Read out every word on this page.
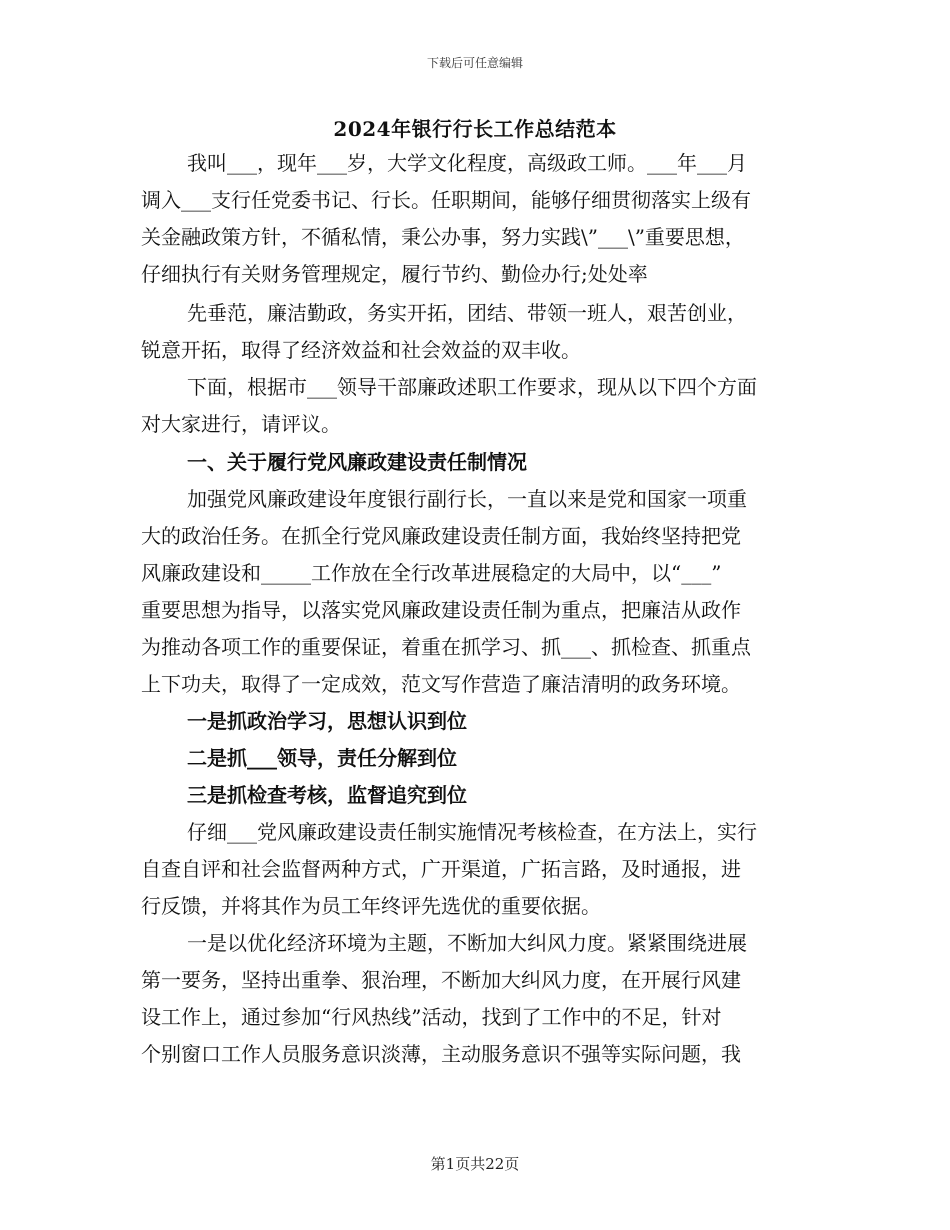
下载后可任意编辑
2024年银行行长工作总结范本
我叫___，现年___岁，大学文化程度，高级政工师。___年___月
调入___支行任党委书记、行长。任职期间，能够仔细贯彻落实上级有
关金融政策方针，不循私情，秉公办事，努力实践\”___\”重要思想，
仔细执行有关财务管理规定，履行节约、勤俭办行;处处率
先垂范，廉洁勤政，务实开拓，团结、带领一班人，艰苦创业，
锐意开拓，取得了经济效益和社会效益的双丰收。
下面，根据市___领导干部廉政述职工作要求，现从以下四个方面
对大家进行，请评议。
一、关于履行党风廉政建设责任制情况
加强党风廉政建设年度银行副行长，一直以来是党和国家一项重
大的政治任务。在抓全行党风廉政建设责任制方面，我始终坚持把党
风廉政建设和_____工作放在全行改革进展稳定的大局中，以“___”
重要思想为指导，以落实党风廉政建设责任制为重点，把廉洁从政作
为推动各项工作的重要保证，着重在抓学习、抓___、抓检查、抓重点
上下功夫，取得了一定成效，范文写作营造了廉洁清明的政务环境。
一是抓政治学习，思想认识到位
二是抓___领导，责任分解到位
三是抓检查考核，监督追究到位
仔细___党风廉政建设责任制实施情况考核检查，在方法上，实行
自查自评和社会监督两种方式，广开渠道，广拓言路，及时通报，进
行反馈，并将其作为员工年终评先选优的重要依据。
一是以优化经济环境为主题，不断加大纠风力度。紧紧围绕进展
第一要务，坚持出重拳、狠治理，不断加大纠风力度，在开展行风建
设工作上，通过参加“行风热线”活动，找到了工作中的不足，针对
个别窗口工作人员服务意识淡薄，主动服务意识不强等实际问题，我
第1页共22页
